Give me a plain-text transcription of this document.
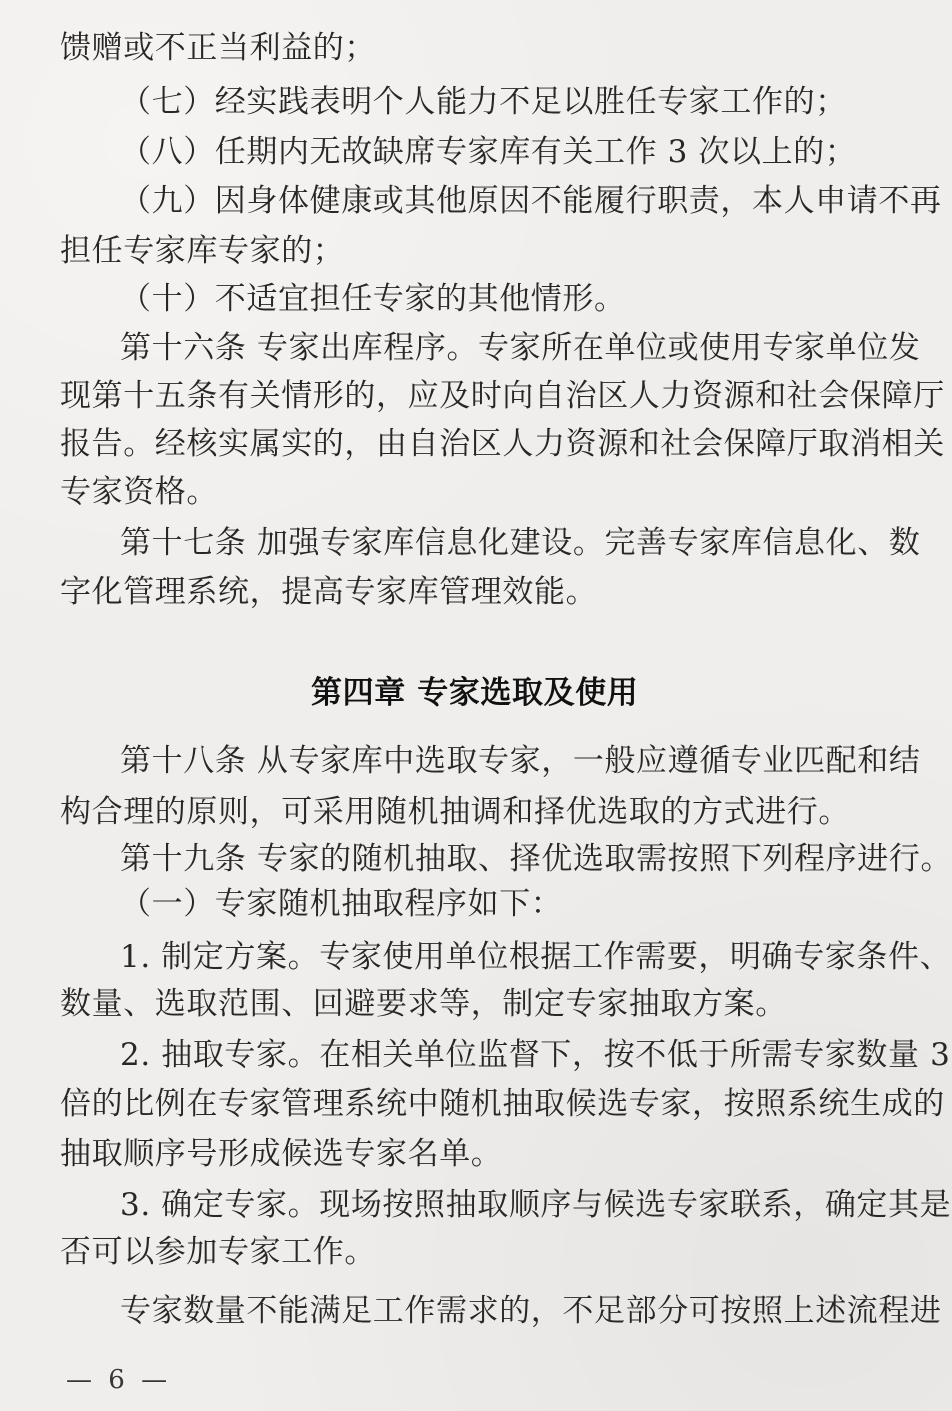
馈赠或不正当利益的；
（七）经实践表明个人能力不足以胜任专家工作的；
（八）任期内无故缺席专家库有关工作 3 次以上的；
（九）因身体健康或其他原因不能履行职责，本人申请不再
担任专家库专家的；
（十）不适宜担任专家的其他情形。
第十六条 专家出库程序。专家所在单位或使用专家单位发
现第十五条有关情形的，应及时向自治区人力资源和社会保障厅
报告。经核实属实的，由自治区人力资源和社会保障厅取消相关
专家资格。
第十七条 加强专家库信息化建设。完善专家库信息化、数
字化管理系统，提高专家库管理效能。
第四章 专家选取及使用
第十八条 从专家库中选取专家，一般应遵循专业匹配和结
构合理的原则，可采用随机抽调和择优选取的方式进行。
第十九条 专家的随机抽取、择优选取需按照下列程序进行。
（一）专家随机抽取程序如下：
1. 制定方案。专家使用单位根据工作需要，明确专家条件、
数量、选取范围、回避要求等，制定专家抽取方案。
2. 抽取专家。在相关单位监督下，按不低于所需专家数量 3
倍的比例在专家管理系统中随机抽取候选专家，按照系统生成的
抽取顺序号形成候选专家名单。
3. 确定专家。现场按照抽取顺序与候选专家联系，确定其是
否可以参加专家工作。
专家数量不能满足工作需求的，不足部分可按照上述流程进
— 6 —
